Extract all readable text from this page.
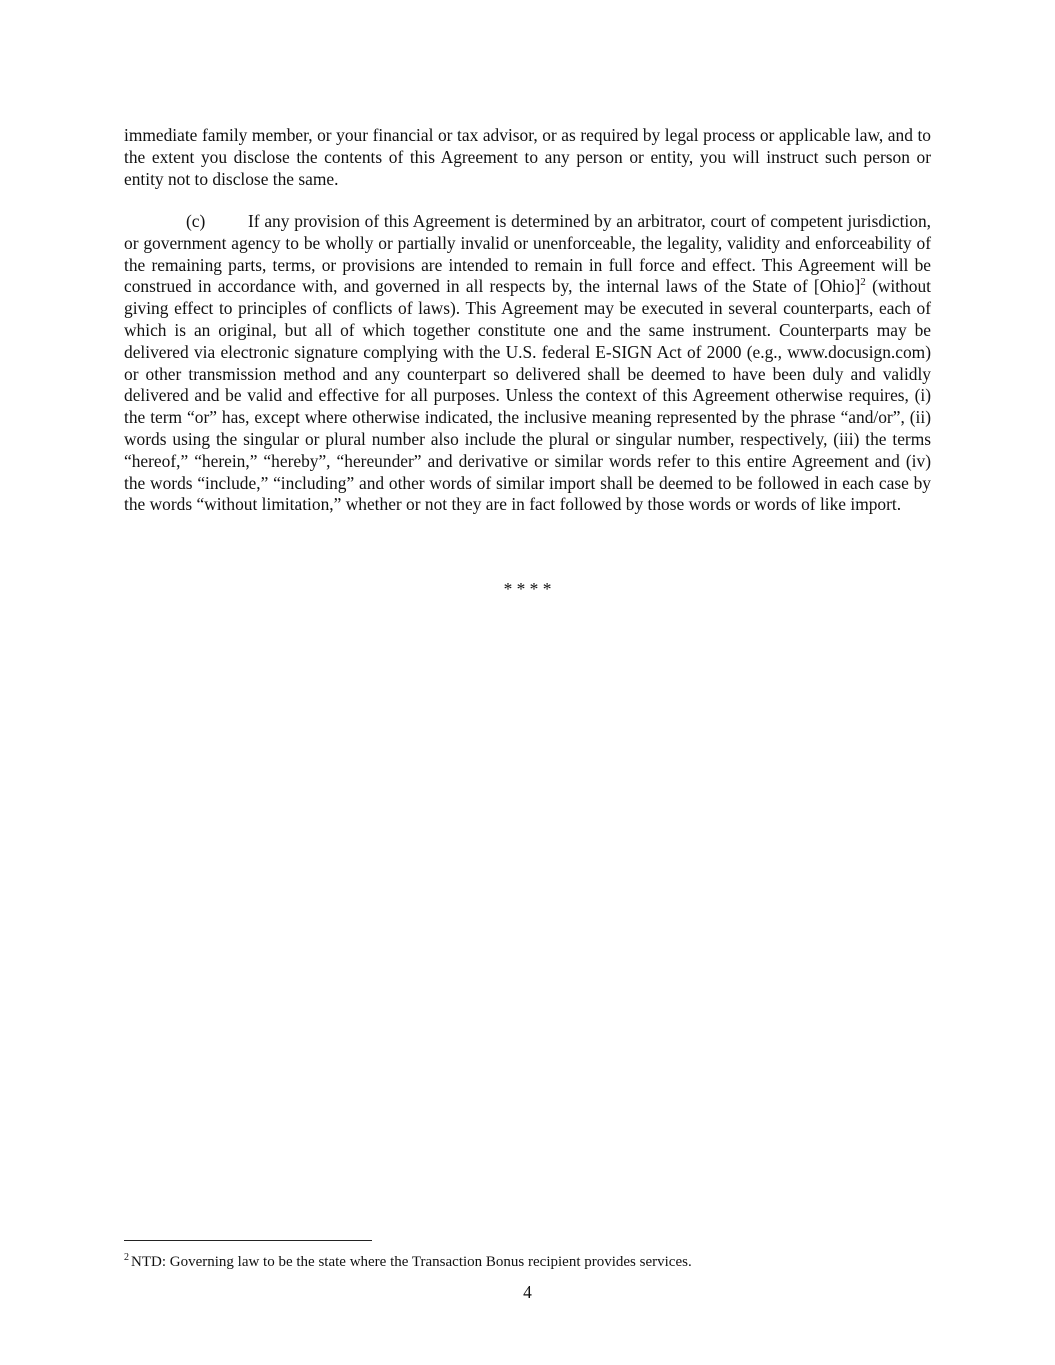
immediate family member, or your financial or tax advisor, or as required by legal process or applicable law, and to the extent you disclose the contents of this Agreement to any person or entity, you will instruct such person or entity not to disclose the same.

(c) If any provision of this Agreement is determined by an arbitrator, court of competent jurisdiction, or government agency to be wholly or partially invalid or unenforceable, the legality, validity and enforceability of the remaining parts, terms, or provisions are intended to remain in full force and effect. This Agreement will be construed in accordance with, and governed in all respects by, the internal laws of the State of [Ohio]$^2$ (without giving effect to principles of conflicts of laws). This Agreement may be executed in several counterparts, each of which is an original, but all of which together constitute one and the same instrument. Counterparts may be delivered via electronic signature complying with the U.S. federal E-SIGN Act of 2000 (e.g., www.docusign.com) or other transmission method and any counterpart so delivered shall be deemed to have been duly and validly delivered and be valid and effective for all purposes. Unless the context of this Agreement otherwise requires, (i) the term “or” has, except where otherwise indicated, the inclusive meaning represented by the phrase “and/or”, (ii) words using the singular or plural number also include the plural or singular number, respectively, (iii) the terms “hereof,” “herein,” “hereby”, “hereunder” and derivative or similar words refer to this entire Agreement and (iv) the words “include,” “including” and other words of similar import shall be deemed to be followed in each case by the words “without limitation,” whether or not they are in fact followed by those words or words of like import.

* * * *
$^2$ NTD: Governing law to be the state where the Transaction Bonus recipient provides services.
4
